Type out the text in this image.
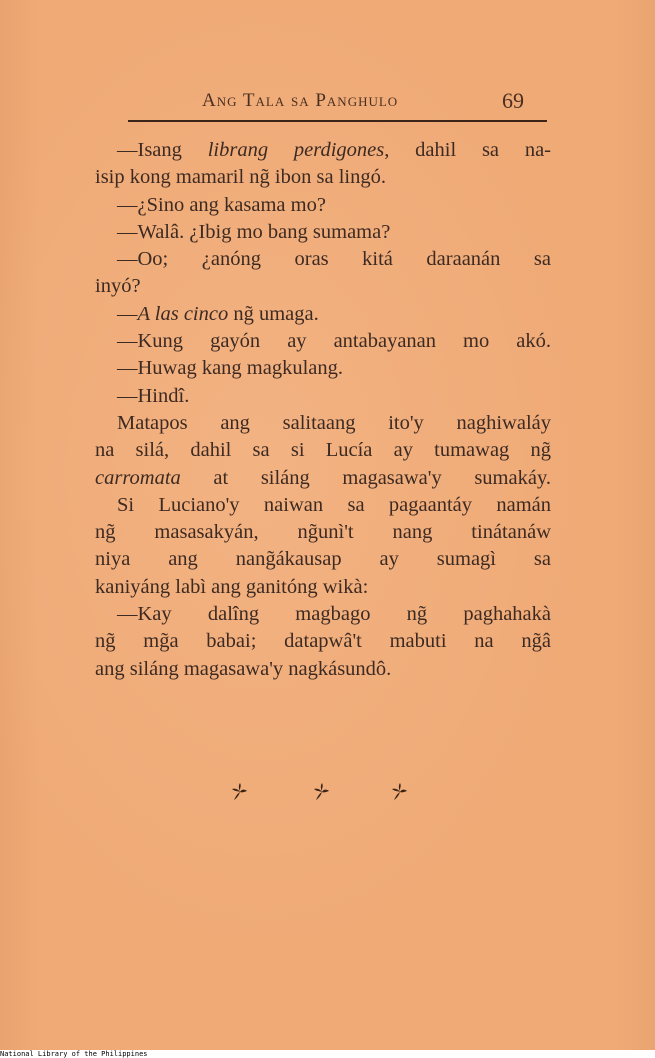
Ang Tala sa Panghulo	69
—Isang librang perdigones, dahil sa na-
isip kong mamaril ng̃ ibon sa lingó.
—¿Sino ang kasama mo?
—Walâ. ¿Ibig mo bang sumama?
—Oo; ¿anóng oras kitá daraanán sa
inyó?
—A las cinco ng̃ umaga.
—Kung gayón ay antabayanan mo akó.
—Huwag kang magkulang.
—Hindî.
Matapos ang salitaang ito'y naghiwaláy
na silá, dahil sa si Lucía ay tumawag ng̃
carromata at siláng magasawa'y sumakáy.
Si Luciano'y naiwan sa pagaantáy namán
ng̃ masasakyán, ng̃unì't nang tinátanáw
niya ang nang̃ákausap ay sumagì sa
kaniyáng labì ang ganitóng wikà:
—Kay dalîng magbago ng̃ paghahakà
ng̃ mg̃a babai; datapwâ't mabuti na ng̃â
ang siláng magasawa'y nagkásundô.
National Library of the Philippines
